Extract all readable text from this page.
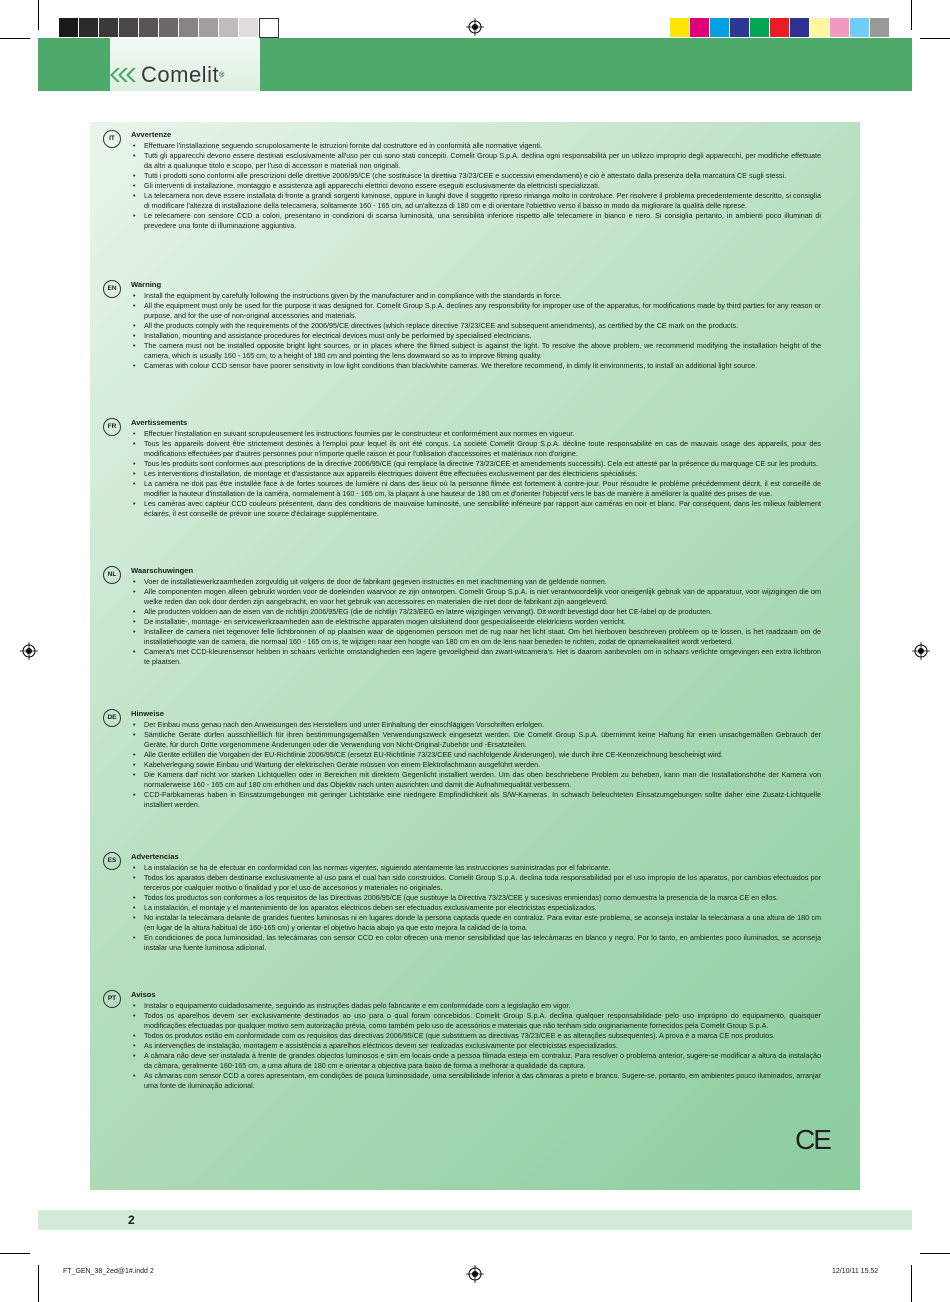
Comelit ®
IT	Avvertenze
• Effettuare l'installazione seguendo scrupolosamente le istruzioni fornite dal costruttore ed in conformità alle normative vigenti.
• Tutti gli apparecchi devono essere destinati esclusivamente all'uso per cui sono stati concepiti. Comelit Group S.p.A. declina ogni responsabilità per un utilizzo improprio degli apparecchi, per modifiche effettuate da altri a qualunque titolo e scopo, per l'uso di accessori e materiali non originali.
• Tutti i prodotti sono conformi alle prescrizioni delle direttive 2006/95/CE (che sostituisce la direttiva 73/23/CEE e successivi emendamenti) e ciò è attestato dalla presenza della marcatura CE sugli stessi.
• Gli interventi di installazione, montaggio e assistenza agli apparecchi elettrici devono essere eseguiti esclusivamente da elettricisti specializzati.
• La telecamera non deve essere installata di fronte a grandi sorgenti luminose, oppure in luoghi dove il soggetto ripreso rimanga molto in controluce. Per risolvere il problema precedentemente descritto, si consiglia di modificare l'altezza di installazione della telecamera, solitamente 160 - 165 cm, ad un'altezza di 180 cm e di orientare l'obiettivo verso il basso in modo da migliorare la qualità delle riprese.
• Le telecamere con sensore CCD a colori, presentano in condizioni di scarsa luminosità, una sensibilità inferiore rispetto alle telecamere in bianco e nero. Si consiglia pertanto, in ambienti poco illuminati di prevedere una fonte di illuminazione aggiuntiva.
EN	Warning
• Install the equipment by carefully following the instructions given by the manufacturer and in compliance with the standards in force.
• All the equipment must only be used for the purpose it was designed for. Comelit Group S.p.A. declines any responsibility for improper use of the apparatus, for modifications made by third parties for any reason or purpose, and for the use of non-original accessories and materials.
• All the products comply with the requirements of the 2006/95/CE directives (which replace directive 73/23/CEE and subsequent amendments), as certified by the CE mark on the products.
• Installation, mounting and assistance procedures for electrical devices must only be performed by specialised electricians.
• The camera must not be installed opposite bright light sources, or in places where the filmed subject is against the light. To resolve the above problem, we recommend modifying the installation height of the camera, which is usually 160 - 165 cm, to a height of 180 cm and pointing the lens downward so as to improve filming quality.
• Cameras with colour CCD sensor have poorer sensitivity in low light conditions than black/white cameras. We therefore recommend, in dimly lit environments, to install an additional light source.
FR	Avertissements
• Effectuer l'installation en suivant scrupuleusement les instructions fournies par le constructeur et conformément aux normes en vigueur.
• Tous les appareils doivent être strictement destinés à l'emploi pour lequel ils ont été conçus. La société Comelit Group S.p.A. décline toute responsabilité en cas de mauvais usage des appareils, pour des modifications effectuées par d'autres personnes pour n'importe quelle raison et pour l'utilisation d'accessoires et matériaux non d'origine.
• Tous les produits sont conformes aux prescriptions de la directive 2006/95/CE (qui remplace la directive 73/23/CEE et amendements successifs). Cela est attesté par la présence du marquage CE sur les produits.
• Les interventions d'installation, de montage et d'assistance aux appareils électriques doivent être effectuées exclusivement par des électriciens spécialisés.
• La caméra ne doit pas être installée face à de fortes sources de lumière ni dans des lieux où la personne filmée est fortement à contre-jour. Pour résoudre le problème précédemment décrit, il est conseillé de modifier la hauteur d'installation de la caméra, normalement à 160 - 165 cm, la plaçant à une hauteur de 180 cm et d'orienter l'objectif vers le bas de manière à améliorer la qualité des prises de vue.
• Les caméras avec capteur CCD couleurs présentent, dans des conditions de mauvaise luminosité, une sensibilité inférieure par rapport aux caméras en noir et blanc. Par conséquent, dans les milieux faiblement éclairés, il est conseillé de prévoir une source d'éclairage supplémentaire.
NL	Waarschuwingen
• Voer de installatiewerkzaamheden zorgvuldig uit volgens de door de fabrikant gegeven instructies en met inachtneming van de geldende normen.
• Alle componenten mogen alleen gebruikt worden voor de doeleinden waarvoor ze zijn ontworpen. Comelit Group S.p.A. is niet verantwoordelijk voor oneigenlijk gebruik van de apparatuur, voor wijzigingen die om welke reden dan ook door derden zijn aangebracht, en voor het gebruik van accessoires en materialen die niet door de fabrikant zijn aangeleverd.
• Alle producten voldoen aan de eisen van de richtlijn 2006/95/EG (die de richtlijn 73/23/EEG en latere wijzigingen vervangt). Dit wordt bevestigd door het CE-label op de producten.
• De installatie-, montage- en servicewerkzaamheden aan de elektrische apparaten mogen uitsluitend door gespecialiseerde elektriciens worden verricht.
• Installeer de camera niet tegenover felle lichtbronnen of op plaatsen waar de opgenomen persoon met de rug naar het licht staat. Om het hierboven beschreven probleem op te lossen, is het raadzaam om de installatiehoogte van de camera, die normaal 160 - 165 cm is, te wijzigen naar een hoogte van 180 cm en om de lens naar beneden te richten, zodat de opnamekwaliteit wordt verbeterd.
• Camera's met CCD-kleurensensor hebben in schaars verlichte omstandigheden een lagere gevoeligheid dan zwart-witcamera's. Het is daarom aanbevolen om in schaars verlichte omgevingen een extra lichtbron te plaatsen.
DE	Hinweise
• Der Einbau muss genau nach den Anweisungen des Herstellers und unter Einhaltung der einschlägigen Vorschriften erfolgen.
• Sämtliche Geräte dürfen ausschließlich für ihren bestimmungsgemäßen Verwendungszweck eingesetzt werden. Die Comelit Group S.p.A. übernimmt keine Haftung für einen unsachgemäßen Gebrauch der Geräte, für durch Dritte vorgenommene Änderungen oder die Verwendung von Nicht-Original-Zubehör und -Ersatzteilen.
• Alle Geräte erfüllen die Vorgaben der EU-Richtlinie 2006/95/CE (ersetzt EU-Richtlinie 73/23/CEE und nachfolgende Änderungen), wie durch ihre CE-Kennzeichnung bescheinigt wird.
• Kabelverlegung sowie Einbau und Wartung der elektrischen Geräte müssen von einem Elektrofachmann ausgeführt werden.
• Die Kamera darf nicht vor starken Lichtquellen oder in Bereichen mit direktem Gegenlicht installiert werden. Um das oben beschriebene Problem zu beheben, kann man die Installationshöhe der Kamera von normalerweise 160 - 165 cm auf 180 cm erhöhen und das Objektiv nach unten ausrichten und damit die Aufnahmequalität verbessern.
• CCD-Farbkameras haben in Einsatzumgebungen mit geringer Lichtstärke eine niedrigere Empfindlichkeit als S/W-Kameras. In schwach beleuchteten Einsatzumgebungen sollte daher eine Zusatz-Lichtquelle installiert werden.
ES	Advertencias
• La instalación se ha de efectuar en conformidad con las normas vigentes, siguiendo atentamente las instrucciones suministradas por el fabricante.
• Todos los aparatos deben destinarse exclusivamente al uso para el cual han sido construidos. Comelit Group S.p.A. declina toda responsabilidad por el uso impropio de los aparatos, por cambios efectuados por terceros por cualquier motivo o finalidad y por el uso de accesorios y materiales no originales.
• Todos los productos son conformes a los requisitos de las Directivas 2006/95/CE (que sustituye la Directiva 73/23/CEE y sucesivas enmiendas) como demuestra la presencia de la marca CE en ellos.
• La instalación, el montaje y el mantenimiento de los aparatos eléctricos deben ser efectuados exclusivamente por electricistas especializados.
• No instalar la telecámara delante de grandes fuentes luminosas ni en lugares donde la persona captada quede en contraluz. Para evitar este problema, se aconseja instalar la telecámara a una altura de 180 cm (en lugar de la altura habitual de 160-165 cm) y orientar el objetivo hacia abajo ya que esto mejora la calidad de la toma.
• En condiciones de poca luminosidad, las telecámaras con sensor CCD en color ofrecen una menor sensibilidad que las telecámaras en blanco y negro. Por lo tanto, en ambientes poco iluminados, se aconseja instalar una fuente luminosa adicional.
PT	Avisos
• Instalar o equipamento cuidadosamente, seguindo as instruções dadas pelo fabricante e em conformidade com a legislação em vigor.
• Todos os aparelhos devem ser exclusivamente destinados ao uso para o qual foram concebidos. Comelit Group S.p.A. declina qualquer responsabilidade pelo uso impróprio do equipamento, quaisquer modificações efectuadas por qualquer motivo sem autorização prévia, como também pelo uso de acessórios e materiais que não tenham sido originariamente fornecidos pela Comelit Group S.p.A.
• Todos os produtos estão em conformidade com os requisitos das directivas 2006/95/CE (que substituem as directivas 73/23/CEE e as alterações subsequentes). A prova é a marca CE nos produtos.
• As intervenções de instalação, montagem e assistência a aparelhos eléctricos devem ser realizadas exclusivamente por electricistas especializados.
• A câmara não deve ser instalada à frente de grandes objectos luminosos e sim em locais onde a pessoa filmada esteja em contraluz. Para resolver o problema anterior, sugere-se modificar a altura da instalação da câmara, geralmente 160-165 cm, a uma altura de 180 cm e orientar a objectiva para baixo de forma a melhorar a qualidade da captura.
• As câmaras com sensor CCD a cores apresentam, em condições de pouca luminosidade, uma sensibilidade inferior à das câmaras a preto e branco. Sugere-se, portanto, em ambientes pouco iluminados, arranjar uma fonte de iluminação adicional.
CE
2
FT_GEN_38_2ed@1#.indd 2	12/10/11 15.52
